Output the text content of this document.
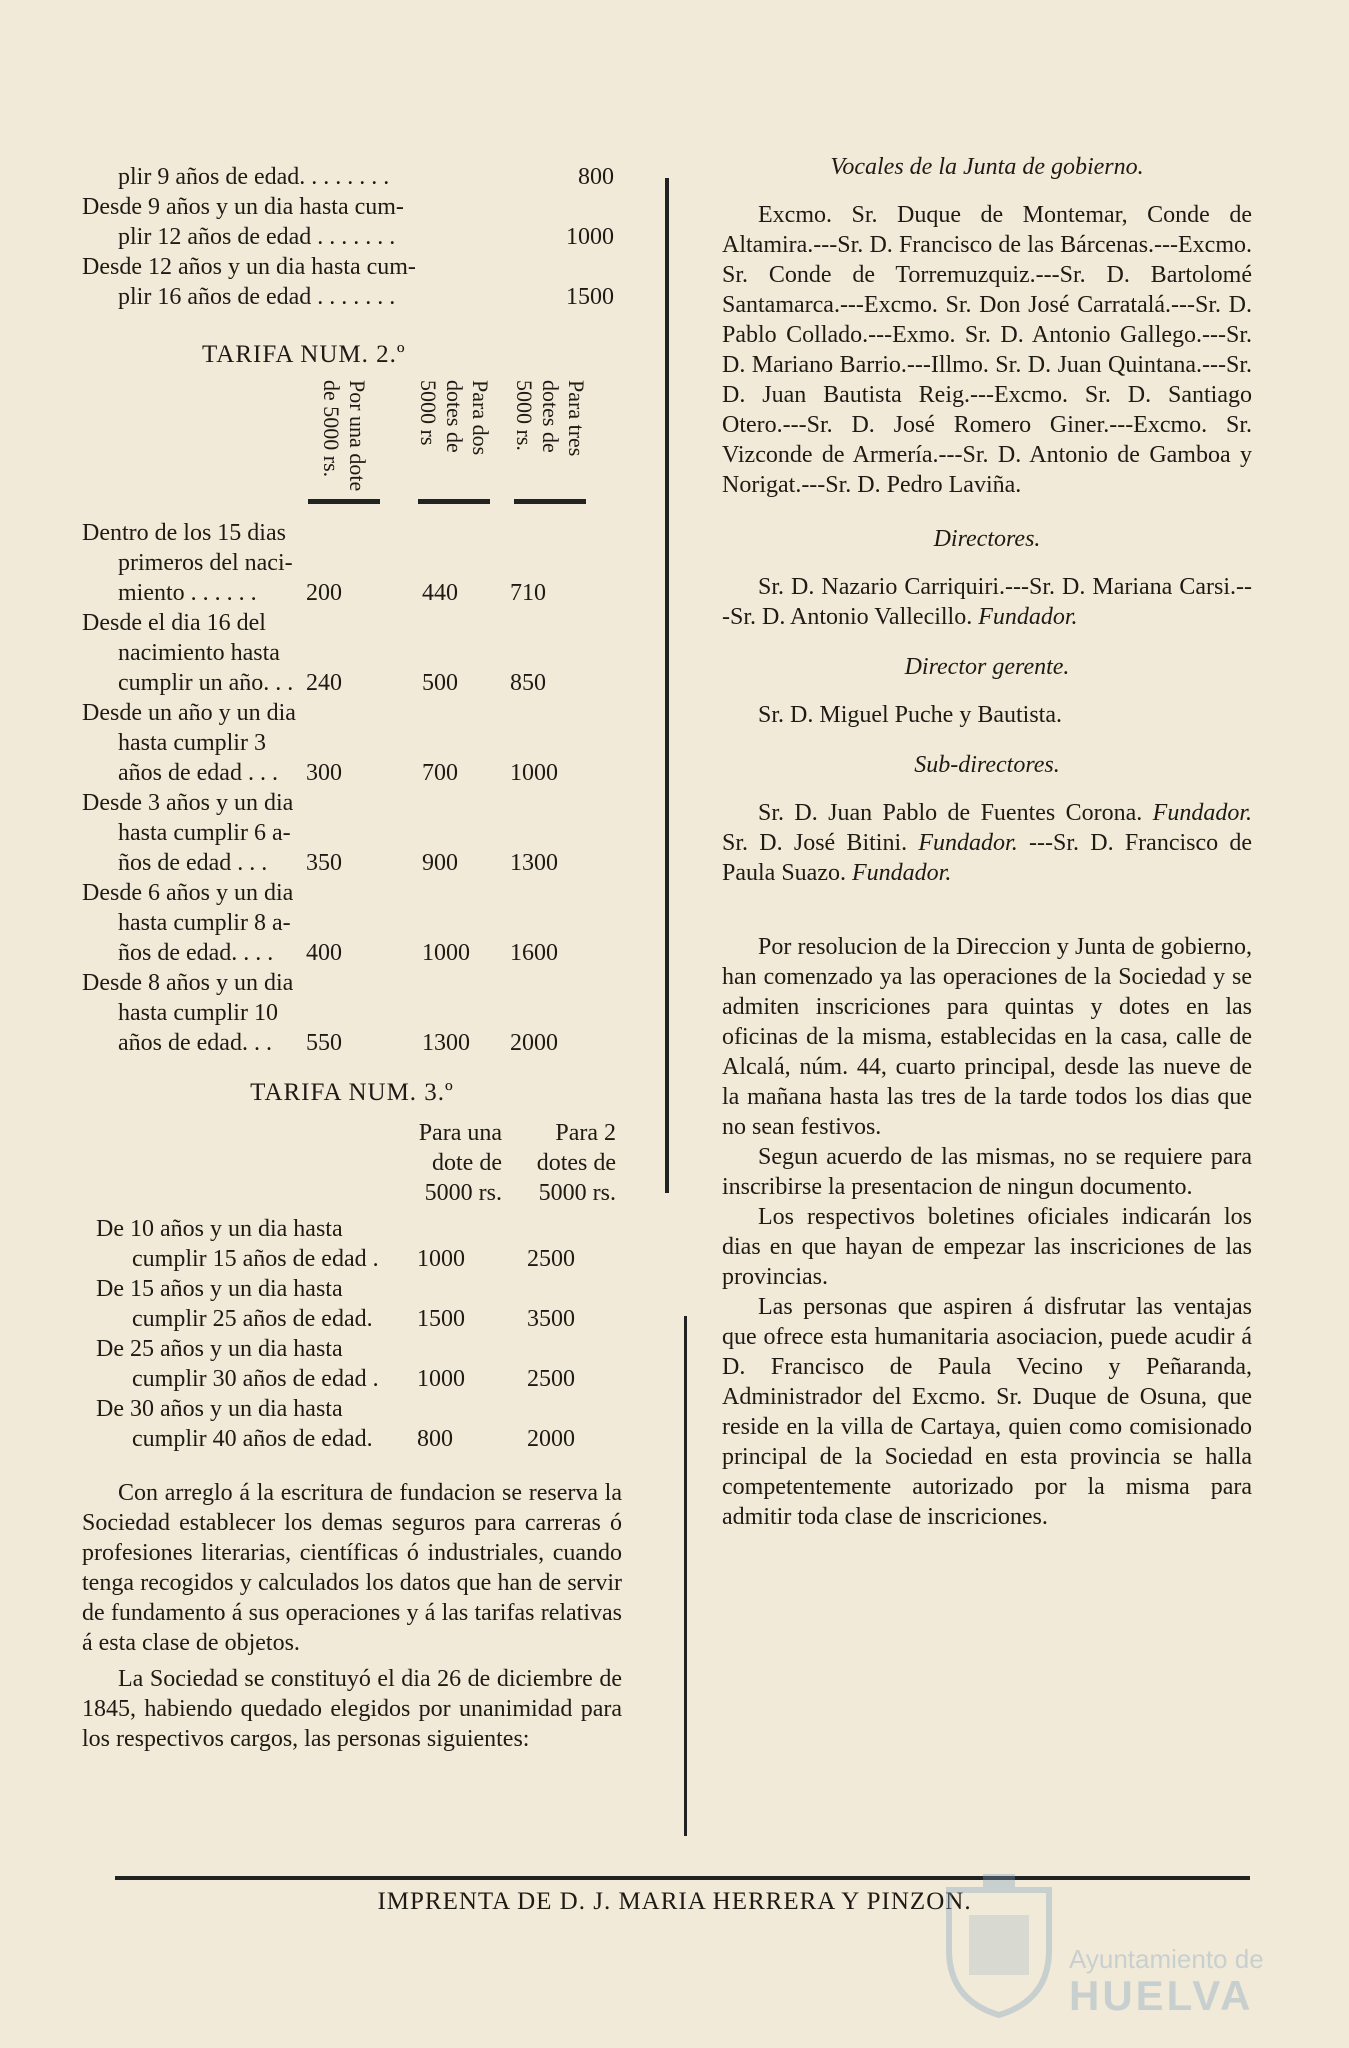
plir 9 años de edad. . . . . . . .	800
Desde 9 años y un dia hasta cum-
plir 12 años de edad . . . . . . .	1000
Desde 12 años y un dia hasta cum-
plir 16 años de edad . . . . . . .	1500
TARIFA NUM. 2.º
Por una dote de 5000 rs.	Para dos dotes de 5000 rs	Para tres dotes de 5000 rs.
Dentro de los 15 dias
primeros del naci-
miento . . . . . .	200	440 710
Desde el dia 16 del
nacimiento hasta
cumplir un año. . . 240	500 850
Desde un año y un dia
hasta cumplir 3
años de edad . . .	300	700 1000
Desde 3 años y un dia
hasta cumplir 6 a-
ños de edad . . .	350	900 1300
Desde 6 años y un dia
hasta cumplir 8 a-
ños de edad. . . .	400	1000 1600
Desde 8 años y un dia
hasta cumplir 10
años de edad. . .	550	1300 2000
TARIFA NUM. 3.º
Para una
dote de
5000 rs.
Para 2
dotes de
5000 rs.
De 10 años y un dia hasta
cumplir 15 años de edad .	1000	2500
De 15 años y un dia hasta
cumplir 25 años de edad.	1500	3500
De 25 años y un dia hasta
cumplir 30 años de edad .	1000	2500
De 30 años y un dia hasta
cumplir 40 años de edad.	800	2000

Con arreglo á la escritura de fundacion se reserva la Sociedad establecer los demas seguros para carreras ó profesiones literarias, científicas ó industriales, cuando tenga recogidos y calculados los datos que han de servir de fundamento á sus operaciones y á las tarifas relativas á esta clase de objetos.

La Sociedad se constituyó el dia 26 de diciembre de 1845, habiendo quedado elegidos por unanimidad para los respectivos cargos, las personas siguientes:

Vocales de la Junta de gobierno.

Excmo. Sr. Duque de Montemar, Conde de Altamira.---Sr. D. Francisco de las Bárcenas.---Excmo. Sr. Conde de Torremuzquiz.---Sr. D. Bartolomé Santamarca.---Excmo. Sr. Don José Carratalá.---Sr. D. Pablo Collado.---Exmo. Sr. D. Antonio Gallego.---Sr. D. Mariano Barrio.---Illmo. Sr. D. Juan Quintana.---Sr. D. Juan Bautista Reig.---Excmo. Sr. D. Santiago Otero.---Sr. D. José Romero Giner.---Excmo. Sr. Vizconde de Armería.---Sr. D. Antonio de Gamboa y Norigat.---Sr. D. Pedro Laviña.

Directores.

Sr. D. Nazario Carriquiri.---Sr. D. Mariana Carsi.---Sr. D. Antonio Vallecillo. Fundador.

Director gerente.

Sr. D. Miguel Puche y Bautista.

Sub-directores.

Sr. D. Juan Pablo de Fuentes Corona. Fundador. Sr. D. José Bitini. Fundador. ---Sr. D. Francisco de Paula Suazo. Fundador.

Por resolucion de la Direccion y Junta de gobierno, han comenzado ya las operaciones de la Sociedad y se admiten inscriciones para quintas y dotes en las oficinas de la misma, establecidas en la casa, calle de Alcalá, núm. 44, cuarto principal, desde las nueve de la mañana hasta las tres de la tarde todos los dias que no sean festivos.

Segun acuerdo de las mismas, no se requiere para inscribirse la presentacion de ningun documento.

Los respectivos boletines oficiales indicarán los dias en que hayan de empezar las inscriciones de las provincias.

Las personas que aspiren á disfrutar las ventajas que ofrece esta humanitaria asociacion, puede acudir á D. Francisco de Paula Vecino y Peñaranda, Administrador del Excmo. Sr. Duque de Osuna, que reside en la villa de Cartaya, quien como comisionado principal de la Sociedad en esta provincia se halla competentemente autorizado por la misma para admitir toda clase de inscriciones.

IMPRENTA DE D. J. MARIA HERRERA Y PINZON.
Ayuntamiento de
HUELVA
